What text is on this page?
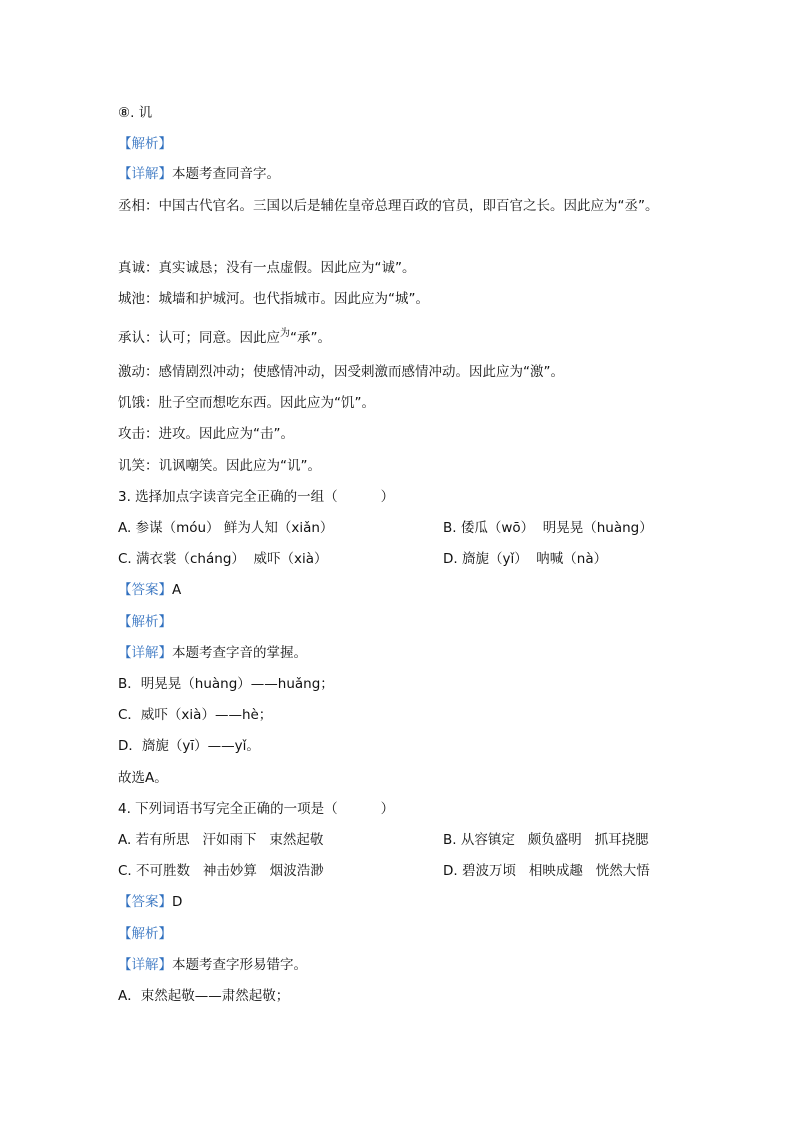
⑧. 讥
【解析】
【详解】本题考查同音字。
丞相：中国古代官名。三国以后是辅佐皇帝总理百政的官员，即百官之长。因此应为“丞”。
真诚：真实诚恳；没有一点虚假。因此应为“诚”。
城池：城墙和护城河。也代指城市。因此应为“城”。
承认：认可；同意。因此应$^为$“承”。
激动：感情剧烈冲动；使感情冲动，因受刺激而感情冲动。因此应为“激”。
饥饿：肚子空而想吃东西。因此应为“饥”。
攻击：进攻。因此应为“击”。
讥笑：讥讽嘲笑。因此应为“讥”。
3. 选择加点字读音完全正确的一组（          ）
A. 参谋（móu） 鲜为人知（xiǎn）	B. 倭瓜（wō）  明晃晃（huàng）
C. 满衣裳（cháng）  威吓（xià）	D. 旖旎（yǐ）  呐喊（nà）
【答案】A
【解析】
【详解】本题考查字音的掌握。
B．明晃晃（huàng）——huǎng；
C．威吓（xià）——hè；
D．旖旎（yī）——yǐ。
故选A。
4. 下列词语书写完全正确的一项是（          ）
A. 若有所思   汗如雨下   束然起敬	B. 从容镇定   颇负盛明   抓耳挠腮
C. 不可胜数   神击妙算   烟波浩渺	D. 碧波万顷   相映成趣   恍然大悟
【答案】D
【解析】
【详解】本题考查字形易错字。
A．束然起敬——肃然起敬；
